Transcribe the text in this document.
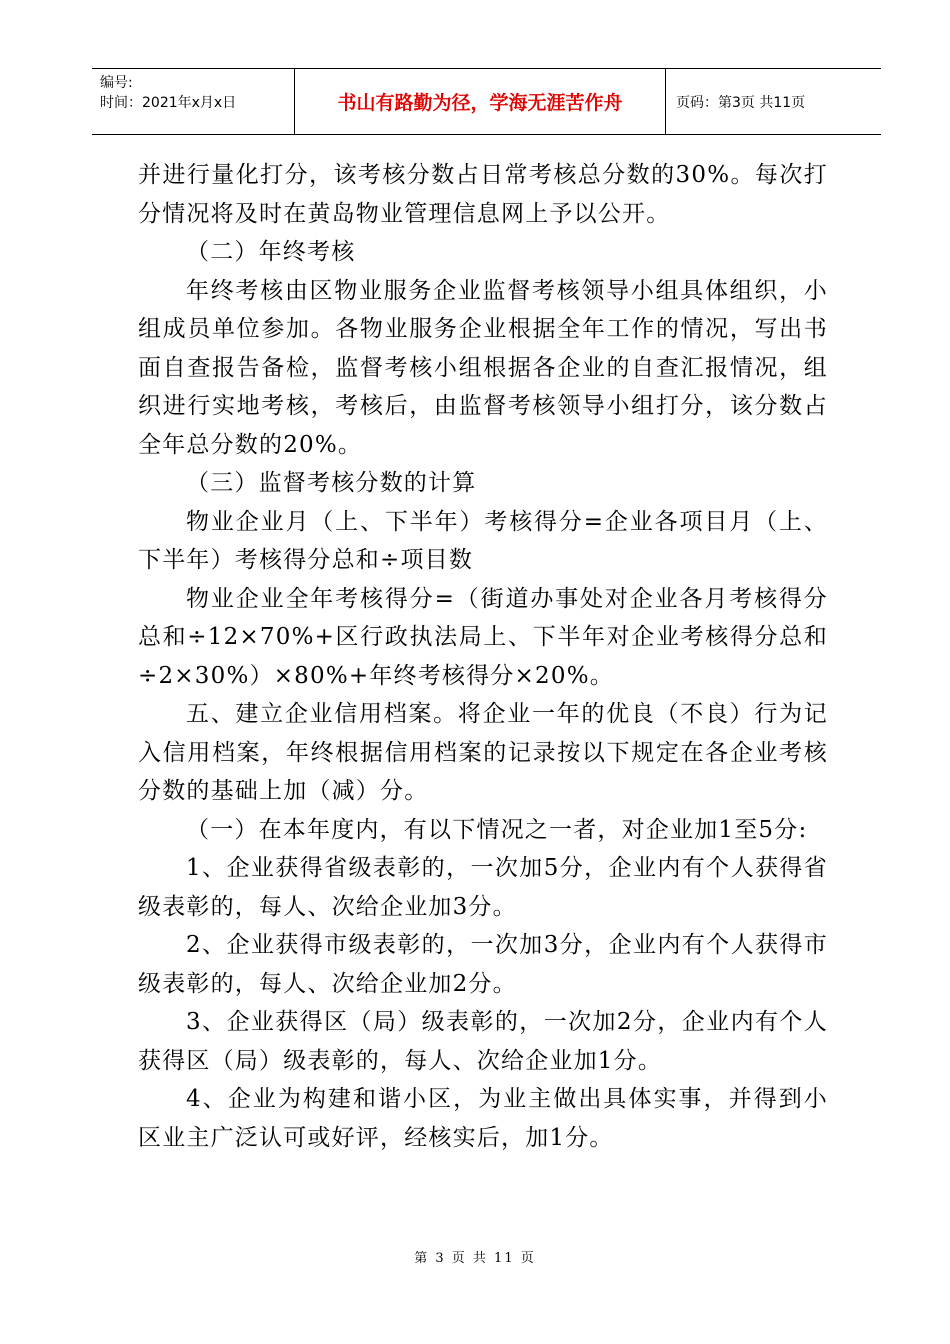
编号:
时间：2021年x月x日	书山有路勤为径，学海无涯苦作舟	页码：第3页 共11页

并进行量化打分，该考核分数占日常考核总分数的30%。每次打分情况将及时在黄岛物业管理信息网上予以公开。

（二）年终考核

年终考核由区物业服务企业监督考核领导小组具体组织，小组成员单位参加。各物业服务企业根据全年工作的情况，写出书面自查报告备检，监督考核小组根据各企业的自查汇报情况，组织进行实地考核，考核后，由监督考核领导小组打分，该分数占全年总分数的20%。

（三）监督考核分数的计算

物业企业月（上、下半年）考核得分=企业各项目月（上、下半年）考核得分总和÷项目数

物业企业全年考核得分=（街道办事处对企业各月考核得分总和÷12×70%+区行政执法局上、下半年对企业考核得分总和÷2×30%）×80%+年终考核得分×20%。

五、建立企业信用档案。将企业一年的优良（不良）行为记入信用档案，年终根据信用档案的记录按以下规定在各企业考核分数的基础上加（减）分。

（一）在本年度内，有以下情况之一者，对企业加1至5分:

1、企业获得省级表彰的，一次加5分，企业内有个人获得省级表彰的，每人、次给企业加3分。

2、企业获得市级表彰的，一次加3分，企业内有个人获得市级表彰的，每人、次给企业加2分。

3、企业获得区（局）级表彰的，一次加2分，企业内有个人获得区（局）级表彰的，每人、次给企业加1分。

4、企业为构建和谐小区，为业主做出具体实事，并得到小区业主广泛认可或好评，经核实后，加1分。

第 3 页 共 11 页
